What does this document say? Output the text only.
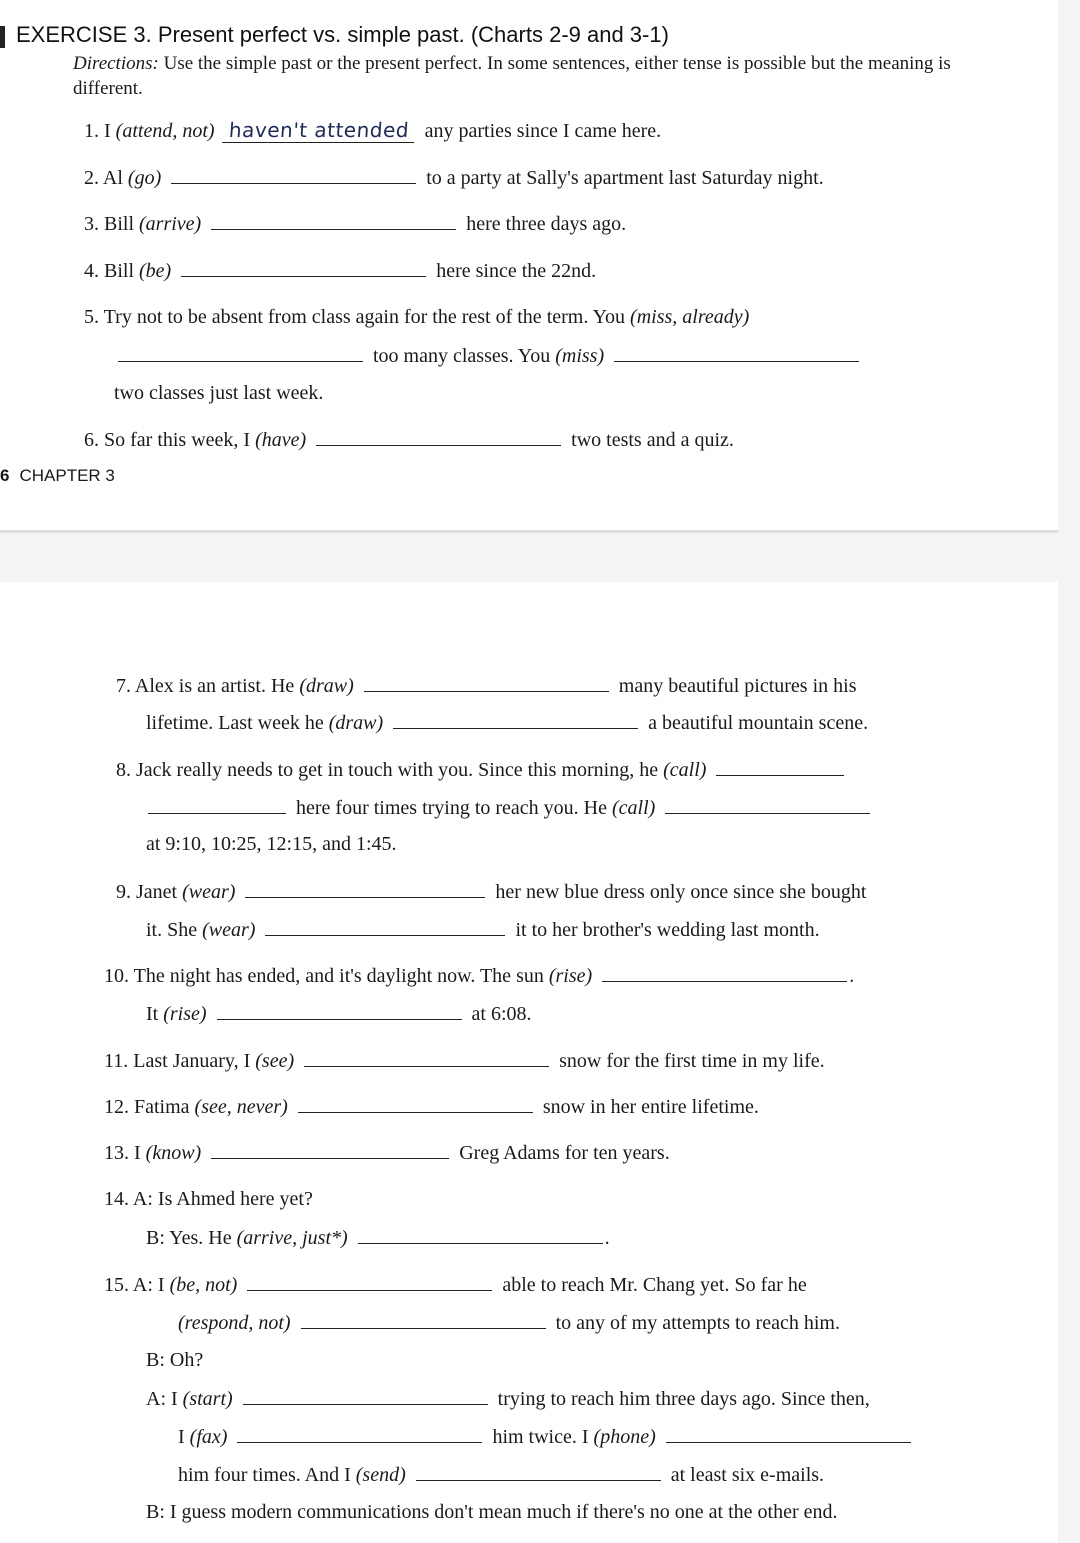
EXERCISE 3. Present perfect vs. simple past. (Charts 2-9 and 3-1)
Directions: Use the simple past or the present perfect. In some sentences, either tense is possible but the meaning is different.
1. I (attend, not) haven't attended any parties since I came here.
2. Al (go)	to a party at Sally's apartment last Saturday night.
3. Bill (arrive)	here three days ago.
4. Bill (be)	here since the 22nd.
5. Try not to be absent from class again for the rest of the term. You (miss, already)
too many classes. You (miss)
two classes just last week.
6. So far this week, I (have)	two tests and a quiz.
6 CHAPTER 3
7. Alex is an artist. He (draw)	many beautiful pictures in his
lifetime. Last week he (draw)	a beautiful mountain scene.
8. Jack really needs to get in touch with you. Since this morning, he (call)
here four times trying to reach you. He (call)
at 9:10, 10:25, 12:15, and 1:45.
9. Janet (wear)	her new blue dress only once since she bought
it. She (wear)	it to her brother's wedding last month.
10. The night has ended, and it's daylight now. The sun (rise)	.
It (rise)	at 6:08.
11. Last January, I (see)	snow for the first time in my life.
12. Fatima (see, never)	snow in her entire lifetime.
13. I (know)	Greg Adams for ten years.
14. A: Is Ahmed here yet?
B: Yes. He (arrive, just*)	.
15. A: I (be, not)	able to reach Mr. Chang yet. So far he
(respond, not)	to any of my attempts to reach him.
B: Oh?
A: I (start)	trying to reach him three days ago. Since then,
I (fax)	him twice. I (phone)
him four times. And I (send)	at least six e-mails.
B: I guess modern communications don't mean much if there's no one at the other end.
